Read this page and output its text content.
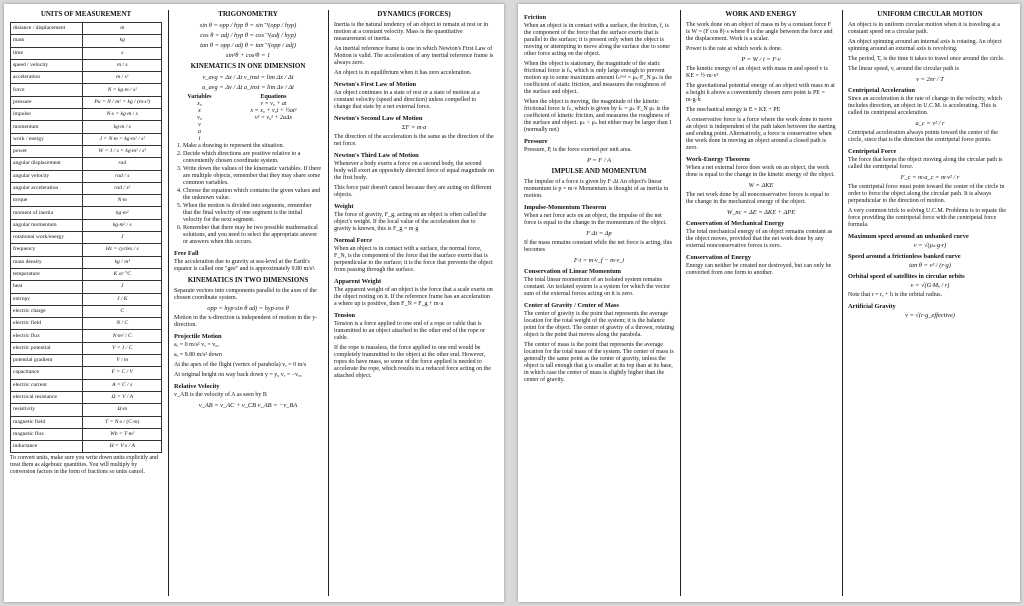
UNITS OF MEASUREMENT
distance / displacement	m
mass	kg
time	s
speed / velocity	m / s
acceleration	m / s²
force	N = kg·m / s²
pressure	Pa = N / m² = kg / (m·s²)
impulse	N·s = kg·m / s
momentum	kg·m / s
work / energy	J = N·m = kg·m² / s²
power	W = J / s = kg·m² / s³
angular displacement	rad
angular velocity	rad / s
angular acceleration	rad / s²
torque	N·m
moment of inertia	kg·m²
angular momentum	kg·m² / s
rotational work/energy	J
frequency	Hz = cycles / s
mass density	kg / m³
temperature	K or °C
heat	J
entropy	J / K
electric charge	C
electric field	N / C
electric flux	N·m² / C
electric potential	V = J / C
potential gradient	V / m
capacitance	F = C / V
electric current	A = C / s
electrical resistance	Ω = V / A
resistivity	Ω·m
magnetic field	T = N·s / (C·m)
magnetic flux	Wb = T·m²
inductance	H = V·s / A
To convert units, make sure you write down units explicitly and treat them as algebraic quantities. You will multiply by conversion factors in the form of fractions so units cancel.
TRIGONOMETRY
sin θ = opp / hyp θ = sin⁻¹(opp / hyp)
cos θ = adj / hyp θ = cos⁻¹(adj / hyp)
tan θ = opp / adj θ = tan⁻¹(opp / adj)
sin²θ + cos²θ = 1
KINEMATICS IN ONE DIMENSION
v_avg = Δx / Δt v_inst = lim Δx / Δt
a_avg = Δv / Δt a_inst = lim Δv / Δt
Variables	Equations
x₀	v = v₀ + at
x	x = x₀ + v₀t + ½at²
v₀	v² = v₀² + 2aΔx
v	
a	
t	
1. Make a drawing to represent the situation.
2. Decide which directions are positive relative to a conveniently chosen coordinate system.
3. Write down the values of the kinematic variables. If there are multiple objects, remember that they may share some common variables.
4. Choose the equation which contains the given values and the unknown value.
5. When the motion is divided into segments, remember that the final velocity of one segment is the initial velocity for the next segment.
6. Remember that there may be two possible mathematical solutions, and you need to select the appropriate answer or answers when this occurs.
Free Fall

The acceleration due to gravity at sea-level at the Earth's equator is called one "gee" and is approximately 9.80 m/s².

KINEMATICS IN TWO DIMENSIONS

Separate vectors into components parallel to the axes of the chosen coordinate system.

opp = hyp·sin θ adj = hyp·cos θ

Motion in the x-direction is independent of motion in the y-direction.

Projectile Motion

aᵧ = 0 m/s² vₓ = v₀ₓ

aᵧ = 9.80 m/s² down

At the apex of the flight (vertex of parabola) vᵧ = 0 m/s

At original height on way back down y = y₀ vᵧ = −v₀ᵧ

Relative Velocity

v_AB is the velocity of A as seen by B

v_AB = v_AC + v_CB v_AB = −v_BA
DYNAMICS (FORCES)

Inertia is the natural tendency of an object to remain at rest or in motion at a constant velocity. Mass is the quantitative measurement of inertia.

An inertial reference frame is one in which Newton's First Law of Motion is valid. The acceleration of any inertial reference frame is always zero.

An object is in equilibrium when it has zero acceleration.

Newton's First Law of Motion

An object continues in a state of rest or a state of motion at a constant velocity (speed and direction) unless compelled to change that state by a net external force.

Newton's Second Law of Motion
ΣF = m·a

The direction of the acceleration is the same as the direction of the net force.

Newton's Third Law of Motion

Whenever a body exerts a force on a second body, the second body will exert an oppositely directed force of equal magnitude on the first body.

This force pair doesn't cancel because they are acting on different objects.

Weight

The force of gravity, F_g, acting on an object is often called the object's weight. If the local value of the acceleration due to gravity is known, this is F_g = m·g

Normal Force

When an object is in contact with a surface, the normal force, F_N, is the component of the force that the surface exerts that is perpendicular to the surface; it is the force that prevents the object from passing through the surface.

Apparent Weight

The apparent weight of an object is the force that a scale exerts on the object resting on it. If the reference frame has an acceleration a where up is positive, then F_N = F_g + m·a

Tension

Tension is a force applied to one end of a rope or cable that is transmitted to an object attached to the other end of the rope or cable.

If the rope is massless, the force applied to one end would be completely transmitted to the object at the other end. However, ropes do have mass, so some of the force applied is needed to accelerate the rope, which results in a reduced force acting on the attached object.

Friction

When an object is in contact with a surface, the friction, f, is the component of the force that the surface exerts that is parallel to the surface; it is present only when the object is moving or attempting to move along the surface due to some other force acting on the object.

When the object is stationary, the magnitude of the static frictional force is fₛ, which is only large enough to prevent motion up to some maximum amount fₛᵐᵃˣ = μₛ·F_N μₛ is the coefficient of static friction, and measures the roughness of the surface and object.

When the object is moving, the magnitude of the kinetic frictional force is fₖ, which is given by fₖ = μₖ·F_N μₖ is the coefficient of kinetic friction, and measures the roughness of the surface and object. μₖ < μₛ but either may be larger than 1 (normally not)

Pressure

Pressure, P, is the force exerted per unit area.

P = F / A
IMPULSE AND MOMENTUM

The impulse of a force is given by F·Δt An object's linear momentum is p = m·v Momentum is thought of as inertia in motion.

Impulse-Momentum Theorem

When a net force acts on an object, the impulse of the net force is equal to the change in the momentum of the object.

F·Δt = Δp

If the mass remains constant while the net force is acting, this becomes

F·t = m·v_f − m·v_i
Conservation of Linear Momentum

The total linear momentum of an isolated system remains constant. An isolated system is a system for which the vector sum of the external forces acting on it is zero.

Center of Gravity / Center of Mass

The center of gravity is the point that represents the average location for the total weight of the system; it is the balance point for the object. The center of gravity of a thrown, rotating object is the point that moves along the parabola.

The center of mass is the point that represents the average location for the total mass of the system. The center of mass is generally the same point as the center of gravity, unless the object is tall enough that g is smaller at its top than at its base, in which case the center of mass is slightly higher than the center of gravity.

WORK AND ENERGY

The work done on an object of mass m by a constant force F is W = (F cos θ)·s where θ is the angle between the force and the displacement. Work is a scalar.

Power is the rate at which work is done.

P = W / t = F·v

The kinetic energy of an object with mass m and speed v is KE = ½·m·v²

The gravitational potential energy of an object with mass m at a height h above a conveniently chosen zero point is PE = m·g·h

The mechanical energy is E = KE + PE

A conservative force is a force where the work done to move an object is independent of the path taken between the starting and ending point. Alternatively, a force is conservative when the work done in moving an object around a closed path is zero.

Work-Energy Theorem

When a net external force does work on an object, the work done is equal to the change in the kinetic energy of the object.

W = ΔKE

The net work done by all nonconservative forces is equal to the change in the mechanical energy of the object.

W_nc = ΔE = ΔKE + ΔPE
Conservation of Mechanical Energy

The total mechanical energy of an object remains constant as the object moves, provided that the net work done by any external nonconservative forces is zero.

Conservation of Energy

Energy can neither be created nor destroyed, but can only be converted from one form to another.

UNIFORM CIRCULAR MOTION

An object is in uniform circular motion when it is traveling at a constant speed on a circular path.

An object spinning around an internal axis is rotating. An object spinning around an external axis is revolving.

The period, T, is the time it takes to travel once around the circle.

The linear speed, v, around the circular path is

v = 2πr / T
Centripetal Acceleration

Since an acceleration is the rate of change in the velocity, which includes direction, an object in U.C.M. is accelerating. This is called its centripetal acceleration.

a_c = v² / r

Centripetal acceleration always points toward the center of the circle, since that is the direction the centripetal force points.

Centripetal Force

The force that keeps the object moving along the circular path is called the centripetal force.

F_c = m·a_c = m·v² / r

The centripetal force must point toward the center of the circle in order to force the object along the circular path. It is always perpendicular to the direction of motion.

A very common trick to solving U.C.M. Problems is to equate the force providing the centripetal force with the centripetal force formula.

Maximum speed around an unbanked curve
v = √(μₛ·g·r)
Speed around a frictionless banked curve
tan θ = v² / (r·g)
Orbital speed of satellites in circular orbits
v = √(G·Mₑ / r)

Note that r = rₑ + h is the orbital radius.

Artificial Gravity
v = √(r·g_effective)
